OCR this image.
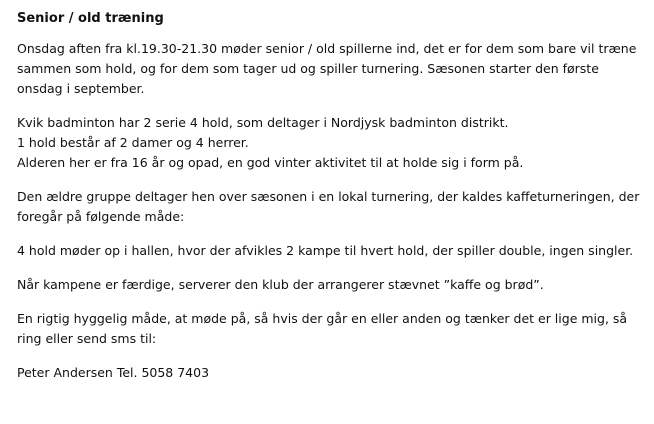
Senior / old træning
Onsdag aften fra kl.19.30-21.30 møder senior / old spillerne ind, det er for dem som bare vil træne
sammen som hold, og for dem som tager ud og spiller turnering. Sæsonen starter den første
onsdag i september.
Kvik badminton har 2 serie 4 hold, som deltager i Nordjysk badminton distrikt.
1 hold består af 2 damer og 4 herrer.
Alderen her er fra 16 år og opad, en god vinter aktivitet til at holde sig i form på.
Den ældre gruppe deltager hen over sæsonen i en lokal turnering, der kaldes kaffeturneringen, der
foregår på følgende måde:
4 hold møder op i hallen, hvor der afvikles 2 kampe til hvert hold, der spiller double, ingen singler.
Når kampene er færdige, serverer den klub der arrangerer stævnet ”kaffe og brød”.
En rigtig hyggelig måde, at møde på, så hvis der går en eller anden og tænker det er lige mig, så
ring eller send sms til:
Peter Andersen Tel. 5058 7403
